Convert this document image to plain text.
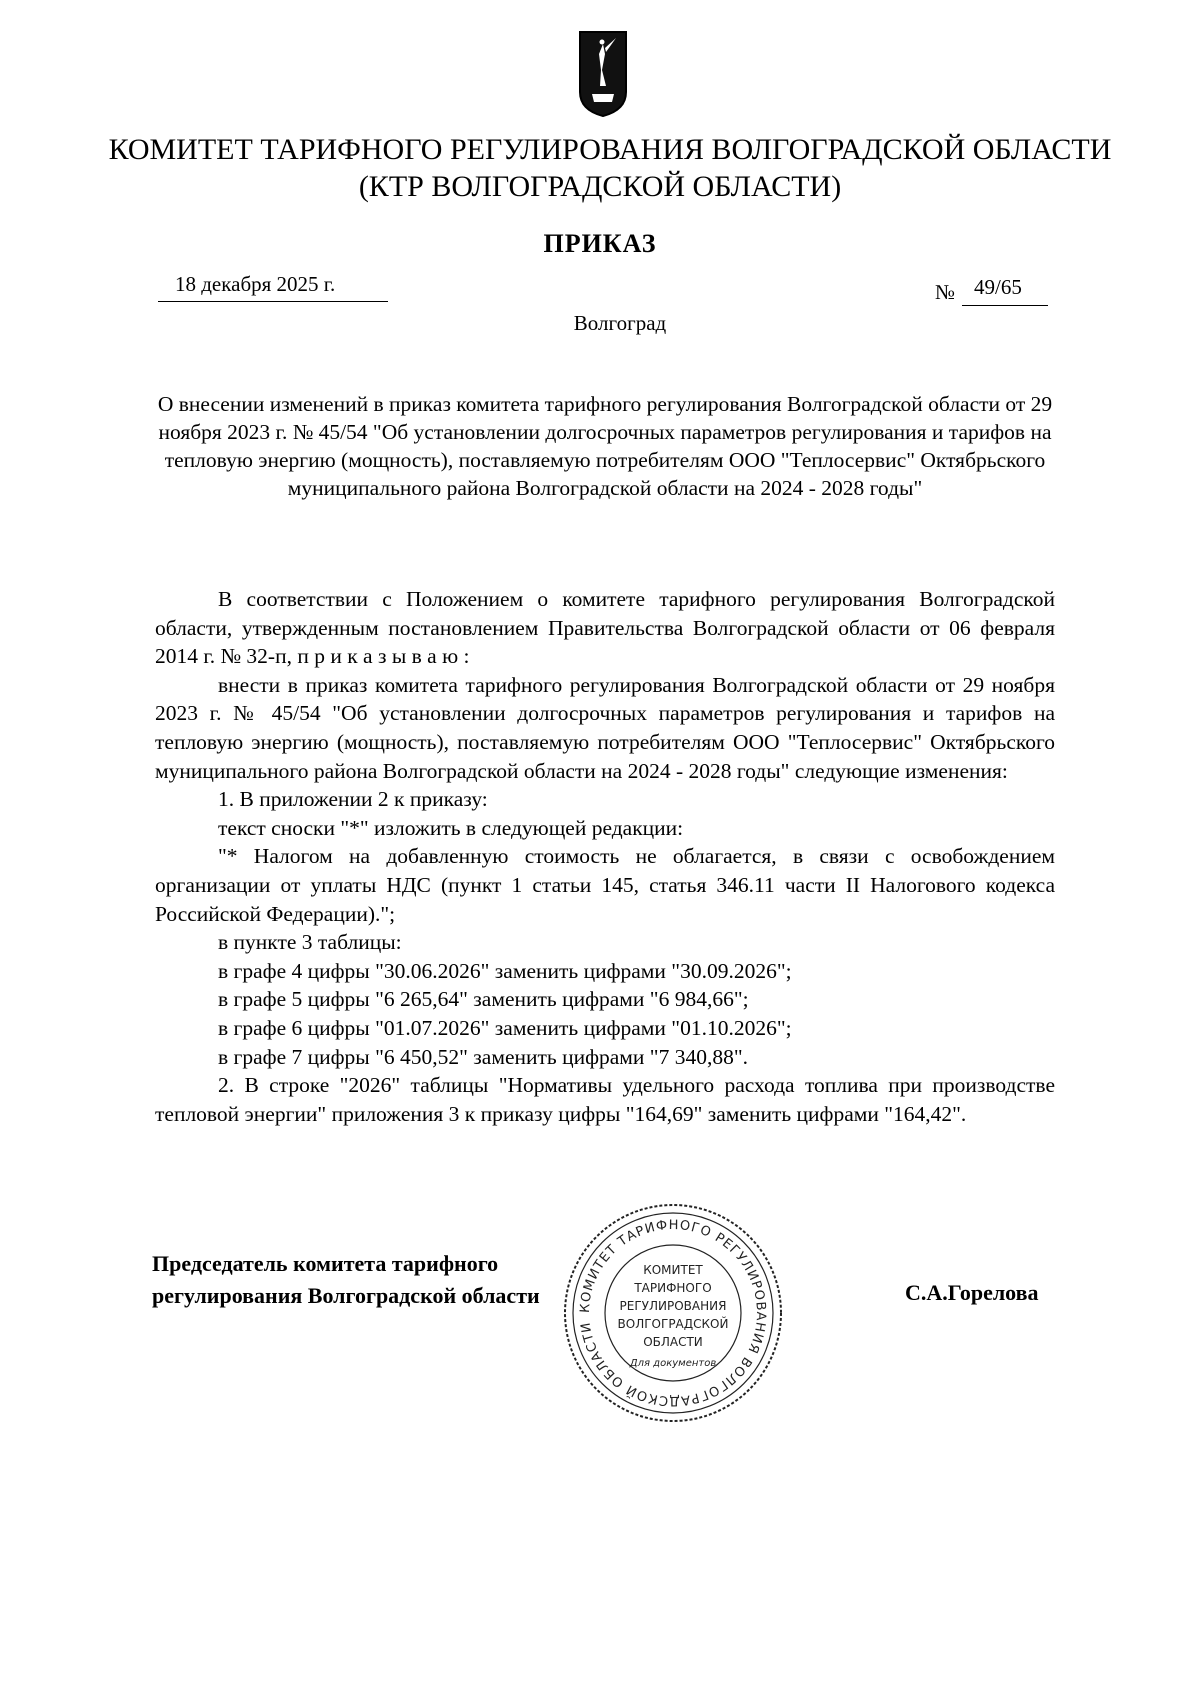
КОМИТЕТ ТАРИФНОГО РЕГУЛИРОВАНИЯ ВОЛГОГРАДСКОЙ ОБЛАСТИ
(КТР ВОЛГОГРАДСКОЙ ОБЛАСТИ)
ПРИКАЗ
18 декабря 2025 г.	№ 49/65
Волгоград
О внесении изменений в приказ комитета тарифного регулирования Волгоградской области от 29 ноября 2023 г. № 45/54 "Об установлении долгосрочных параметров регулирования и тарифов на тепловую энергию (мощность), поставляемую потребителям ООО "Теплосервис" Октябрьского муниципального района Волгоградской области на 2024 - 2028 годы"

В соответствии с Положением о комитете тарифного регулирования Волгоградской области, утвержденным постановлением Правительства Волгоградской области от 06 февраля 2014 г. № 32-п, п р и к а з ы в а ю :

внести в приказ комитета тарифного регулирования Волгоградской области от 29 ноября 2023 г. № 45/54 "Об установлении долгосрочных параметров регулирования и тарифов на тепловую энергию (мощность), поставляемую потребителям ООО "Теплосервис" Октябрьского муниципального района Волгоградской области на 2024 - 2028 годы" следующие изменения:

1. В приложении 2 к приказу:

текст сноски "*" изложить в следующей редакции:

"* Налогом на добавленную стоимость не облагается, в связи с освобождением организации от уплаты НДС (пункт 1 статьи 145, статья 346.11 части II Налогового кодекса Российской Федерации).";

в пункте 3 таблицы:

в графе 4 цифры "30.06.2026" заменить цифрами "30.09.2026";

в графе 5 цифры "6 265,64" заменить цифрами "6 984,66";

в графе 6 цифры "01.07.2026" заменить цифрами "01.10.2026";

в графе 7 цифры "6 450,52" заменить цифрами "7 340,88".

2. В строке "2026" таблицы "Нормативы удельного расхода топлива при производстве тепловой энергии" приложения 3 к приказу цифры "164,69" заменить цифрами "164,42".

КОМИТЕТ ТАРИФНОГО РЕГУЛИРОВАНИЯ ВОЛГОГРАДСКОЙ ОБЛАСТИ
КОМИТЕТ
ТАРИФНОГО
РЕГУЛИРОВАНИЯ
ВОЛГОГРАДСКОЙ
ОБЛАСТИ
Для документов
Председатель комитета тарифного
регулирования Волгоградской области	С.А.Горелова
